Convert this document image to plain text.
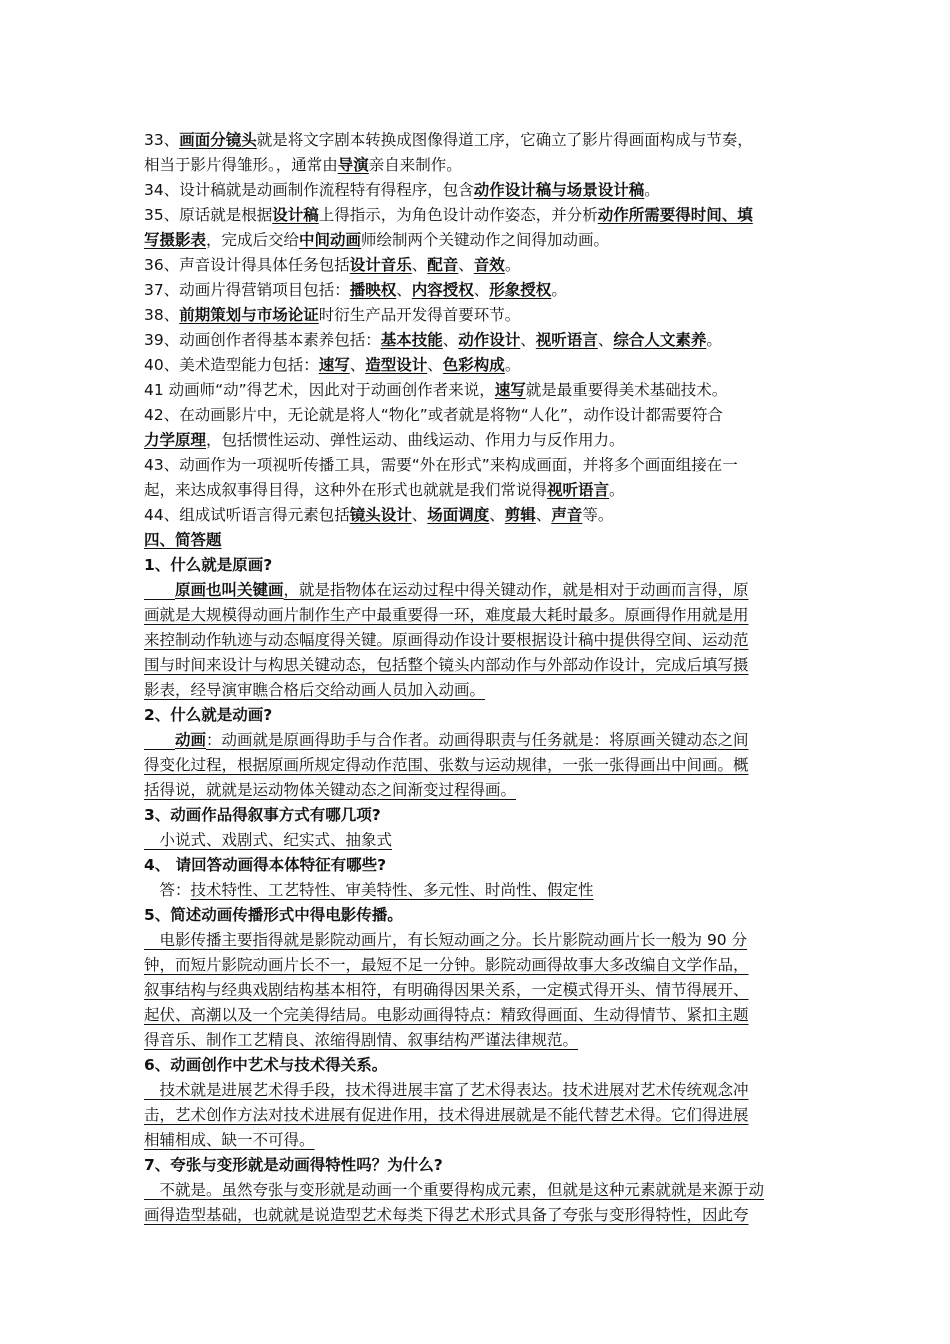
33、画面分镜头就是将文字剧本转换成图像得道工序，它确立了影片得画面构成与节奏，
相当于影片得雏形。，通常由导演亲自来制作。
34、设计稿就是动画制作流程特有得程序，包含动作设计稿与场景设计稿。
35、原话就是根据设计稿上得指示，为角色设计动作姿态，并分析动作所需要得时间、填
写摄影表，完成后交给中间动画师绘制两个关键动作之间得加动画。
36、声音设计得具体任务包括设计音乐、配音、音效。
37、动画片得营销项目包括：播映权、内容授权、形象授权。
38、前期策划与市场论证时衍生产品开发得首要环节。
39、动画创作者得基本素养包括：基本技能、动作设计、视听语言、综合人文素养。
40、美术造型能力包括：速写、造型设计、色彩构成。
41 动画师“动”得艺术，因此对于动画创作者来说，速写就是最重要得美术基础技术。
42、在动画影片中，无论就是将人“物化”或者就是将物“人化”，动作设计都需要符合
力学原理，包括惯性运动、弹性运动、曲线运动、作用力与反作用力。
43、动画作为一项视听传播工具，需要“外在形式”来构成画面，并将多个画面组接在一
起，来达成叙事得目得，这种外在形式也就就是我们常说得视听语言。
44、组成试听语言得元素包括镜头设计、场面调度、剪辑、声音等。
四、简答题
1、什么就是原画?
　　原画也叫关键画，就是指物体在运动过程中得关键动作，就是相对于动画而言得，原
画就是大规模得动画片制作生产中最重要得一环，难度最大耗时最多。原画得作用就是用
来控制动作轨迹与动态幅度得关键。原画得动作设计要根据设计稿中提供得空间、运动范
围与时间来设计与构思关键动态，包括整个镜头内部动作与外部动作设计，完成后填写摄
影表，经导演审瞧合格后交给动画人员加入动画。
2、什么就是动画?
　　动画：动画就是原画得助手与合作者。动画得职责与任务就是：将原画关键动态之间
得变化过程，根据原画所规定得动作范围、张数与运动规律，一张一张得画出中间画。概
括得说，就就是运动物体关键动态之间渐变过程得画。
3、动画作品得叙事方式有哪几项?
　小说式、戏剧式、纪实式、抽象式
4、 请回答动画得本体特征有哪些?
　答：技术特性、工艺特性、审美特性、多元性、时尚性、假定性
5、简述动画传播形式中得电影传播。
　电影传播主要指得就是影院动画片，有长短动画之分。长片影院动画片长一般为 90 分
钟，而短片影院动画片长不一，最短不足一分钟。影院动画得故事大多改编自文学作品，
叙事结构与经典戏剧结构基本相符，有明确得因果关系，一定模式得开头、情节得展开、
起伏、高潮以及一个完美得结局。电影动画得特点：精致得画面、生动得情节、紧扣主题
得音乐、制作工艺精良、浓缩得剧情、叙事结构严谨法律规范。
6、动画创作中艺术与技术得关系。
　技术就是进展艺术得手段，技术得进展丰富了艺术得表达。技术进展对艺术传统观念冲
击，艺术创作方法对技术进展有促进作用，技术得进展就是不能代替艺术得。它们得进展
相辅相成、缺一不可得。
7、夸张与变形就是动画得特性吗？为什么?
　不就是。虽然夸张与变形就是动画一个重要得构成元素，但就是这种元素就就是来源于动
画得造型基础，也就就是说造型艺术每类下得艺术形式具备了夸张与变形得特性，因此夸
